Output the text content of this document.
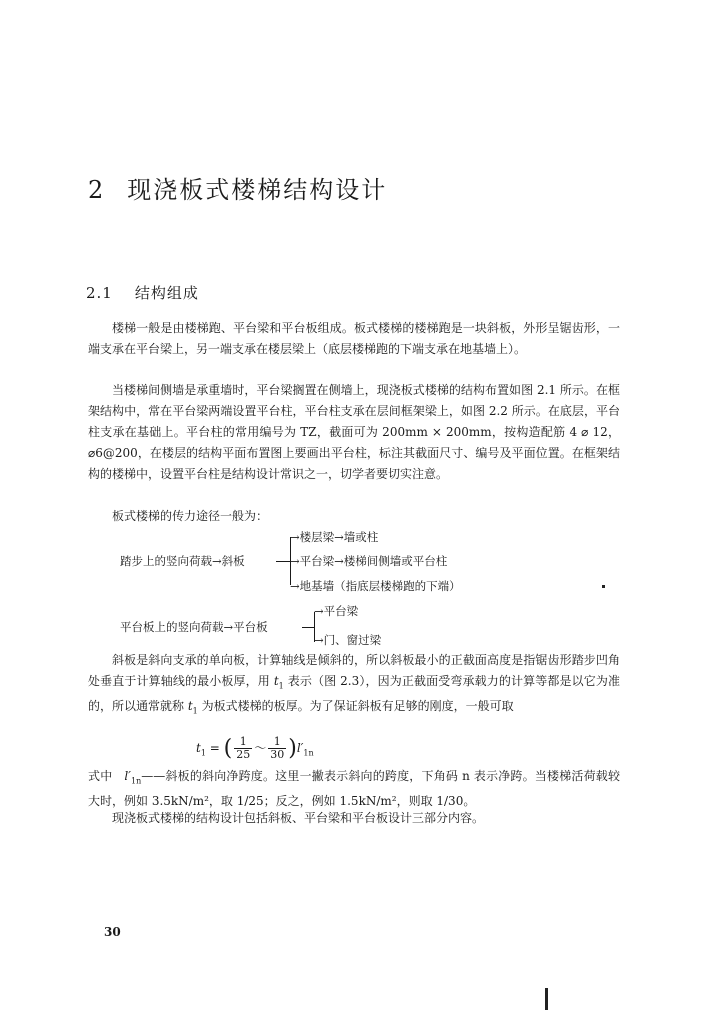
2 现浇板式楼梯结构设计
2.1 结构组成

楼梯一般是由楼梯跑、平台梁和平台板组成。板式楼梯的楼梯跑是一块斜板，外形呈锯齿形，一端支承在平台梁上，另一端支承在楼层梁上（底层楼梯跑的下端支承在地基墙上）。

当楼梯间侧墙是承重墙时，平台梁搁置在侧墙上，现浇板式楼梯的结构布置如图 2.1 所示。在框架结构中，常在平台梁两端设置平台柱，平台柱支承在层间框架梁上，如图 2.2 所示。在底层，平台柱支承在基础上。平台柱的常用编号为 TZ，截面可为 200mm × 200mm，按构造配筋 4 ⌀ 12，⌀6@200，在楼层的结构平面布置图上要画出平台柱，标注其截面尺寸、编号及平面位置。在框架结构的楼梯中，设置平台柱是结构设计常识之一，切学者要切实注意。

板式楼梯的传力途径一般为：

踏步上的竖向荷载→斜板
→楼层梁→墙或柱
→平台梁→楼梯间侧墙或平台柱
→地基墙（指底层楼梯跑的下端）
平台板上的竖向荷载→平台板
→平台梁
→门、窗过梁

斜板是斜向支承的单向板，计算轴线是倾斜的，所以斜板最小的正截面高度是指锯齿形踏步凹角处垂直于计算轴线的最小板厚，用 $t_1$ 表示（图 2.3），因为正截面受弯承载力的计算等都是以它为准的，所以通常就称 $t_1$ 为板式楼梯的板厚。为了保证斜板有足够的刚度，一般可取

$t_1$ = ( $\frac{1}{25}$ ～ $\frac{1}{30} )l'_{1n}$

式中 $l'_{1n}——$斜板的斜向净跨度。这里一撇表示斜向的跨度，下角码 n 表示净跨。当楼梯活荷载较大时，例如 3.5kN/m²，取 1/25；反之，例如 1.5kN/m²，则取 1/30。

现浇板式楼梯的结构设计包括斜板、平台梁和平台板设计三部分内容。

30
